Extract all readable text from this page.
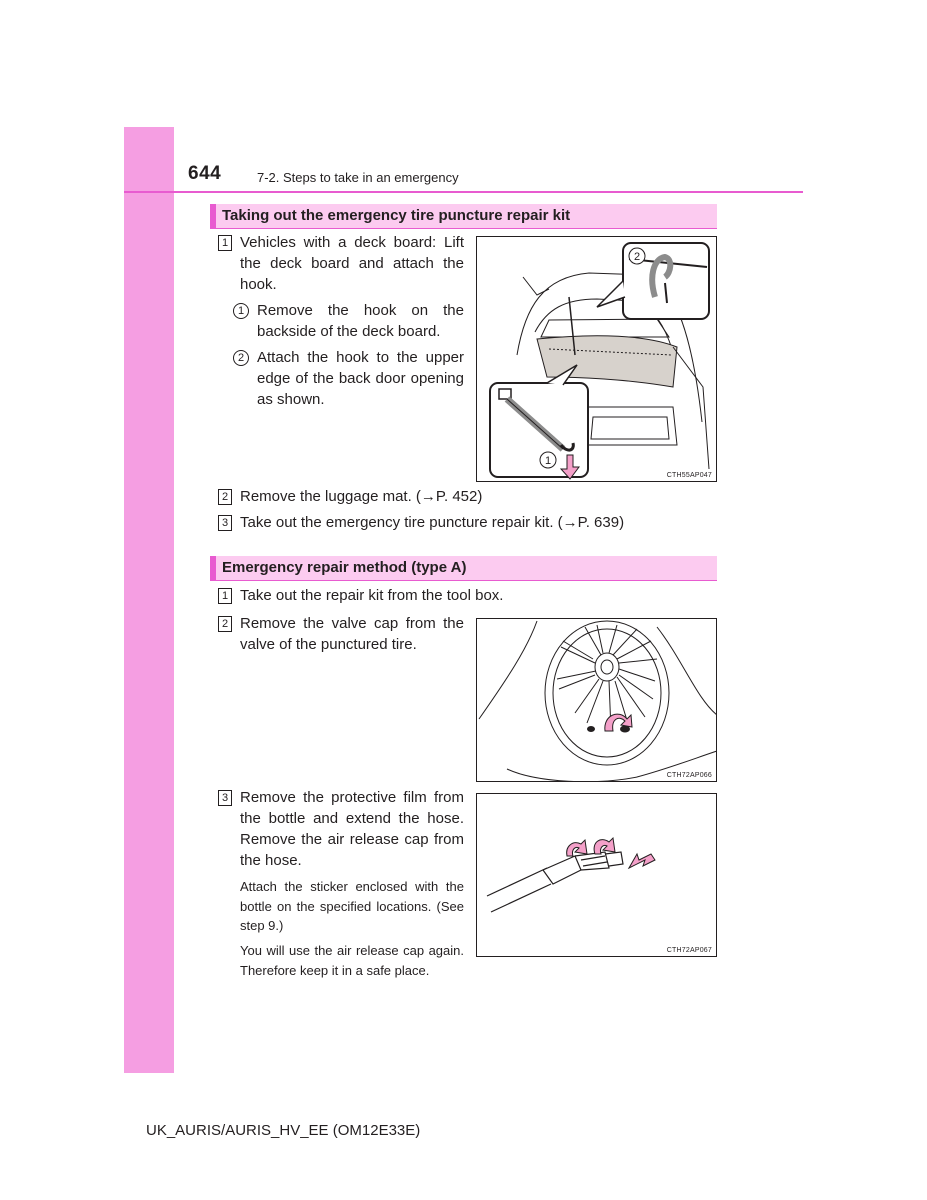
644	7-2. Steps to take in an emergency
Taking out the emergency tire puncture repair kit
1 Vehicles with a deck board: Lift the deck board and attach the hook.
1 Remove the hook on the backside of the deck board.
2 Attach the hook to the upper edge of the back door opening as shown.
2
1
CTH55AP047
2 Remove the luggage mat. (→P. 452)
3 Take out the emergency tire puncture repair kit. (→P. 639)
Emergency repair method (type A)
1 Take out the repair kit from the tool box.
2 Remove the valve cap from the valve of the punctured tire.
CTH72AP066
3 Remove the protective film from the bottle and extend the hose. Remove the air release cap from the hose.
Attach the sticker enclosed with the bottle on the specified locations. (See step 9.)
You will use the air release cap again. Therefore keep it in a safe place.
CTH72AP067
UK_AURIS/AURIS_HV_EE (OM12E33E)
